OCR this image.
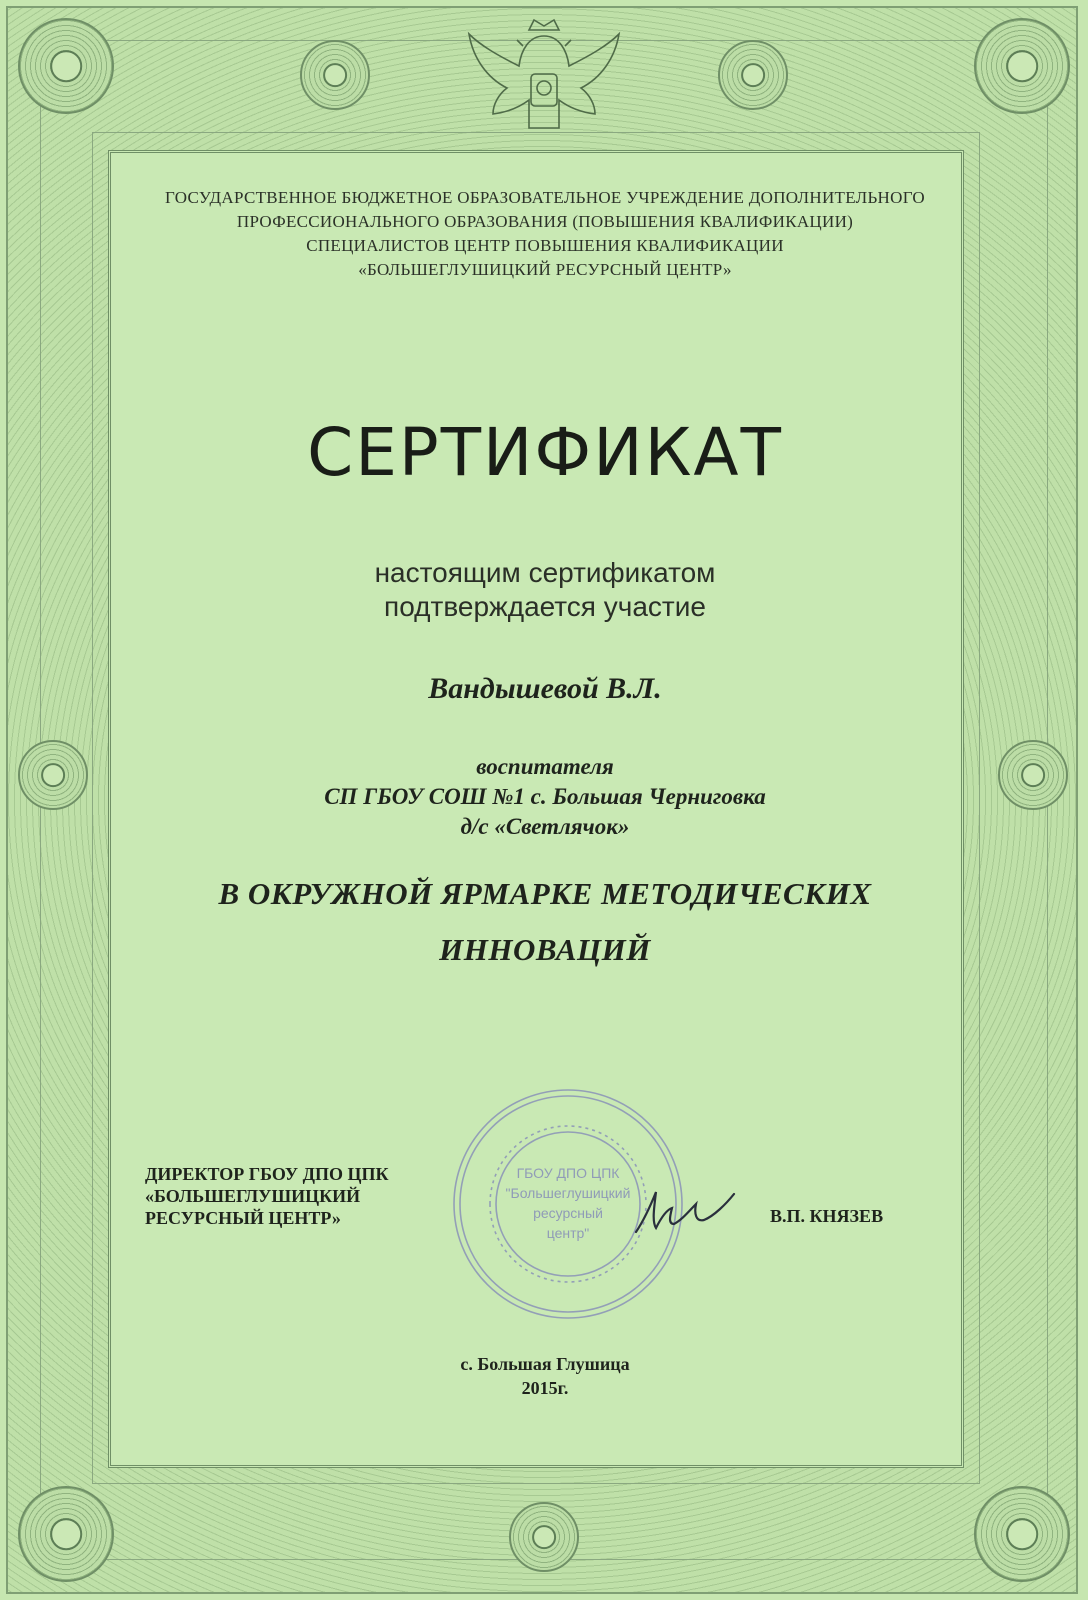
ГОСУДАРСТВЕННОЕ БЮДЖЕТНОЕ ОБРАЗОВАТЕЛЬНОЕ УЧРЕЖДЕНИЕ ДОПОЛНИТЕЛЬНОГО
ПРОФЕССИОНАЛЬНОГО ОБРАЗОВАНИЯ (ПОВЫШЕНИЯ КВАЛИФИКАЦИИ)
СПЕЦИАЛИСТОВ ЦЕНТР ПОВЫШЕНИЯ КВАЛИФИКАЦИИ
«БОЛЬШЕГЛУШИЦКИЙ РЕСУРСНЫЙ ЦЕНТР»
СЕРТИФИКАТ
настоящим сертификатом
подтверждается участие
Вандышевой В.Л.
воспитателя
СП ГБОУ СОШ №1 с. Большая Черниговка
д/с «Светлячок»
В ОКРУЖНОЙ ЯРМАРКЕ МЕТОДИЧЕСКИХ
ИННОВАЦИЙ
ГБОУ ДПО ЦПК
"Большеглушицкий
ресурсный
центр"
ДИРЕКТОР ГБОУ ДПО ЦПК
«БОЛЬШЕГЛУШИЦКИЙ
РЕСУРСНЫЙ ЦЕНТР»	В.П. КНЯЗЕВ
с. Большая Глушица
2015г.
